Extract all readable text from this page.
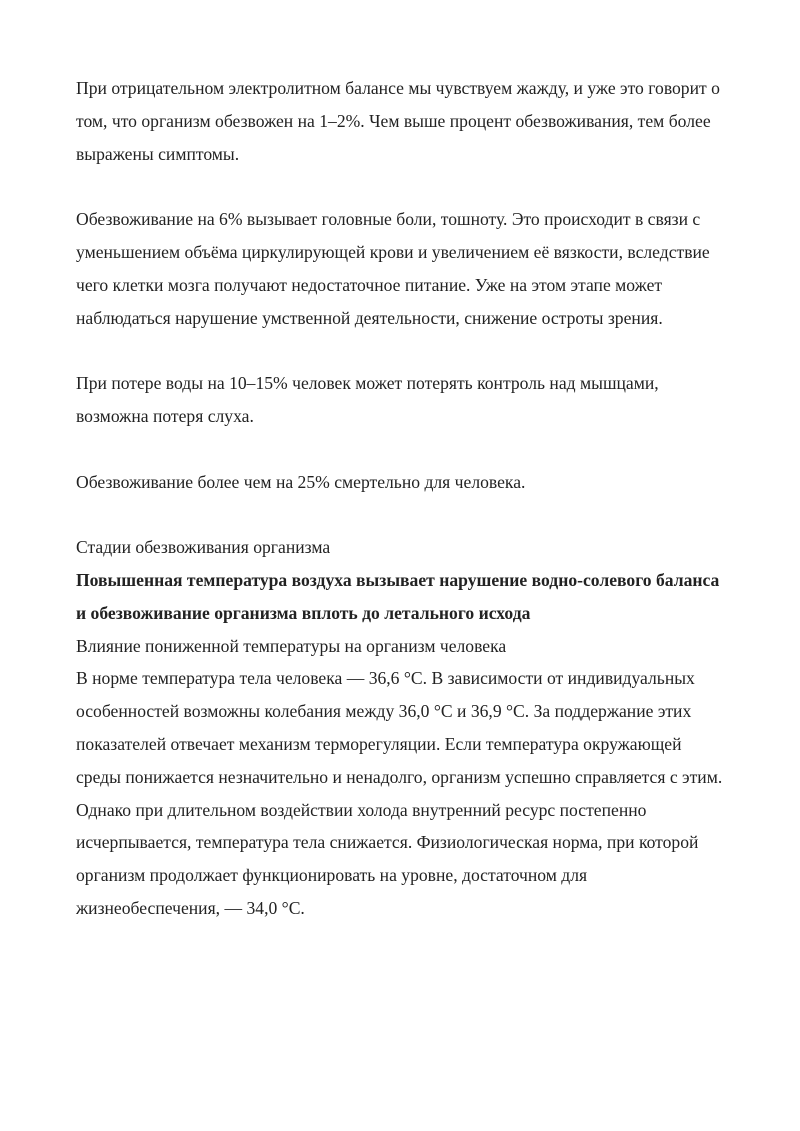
При отрицательном электролитном балансе мы чувствуем жажду, и уже это говорит о том, что организм обезвожен на 1–2%. Чем выше процент обезвоживания, тем более выражены симптомы.

Обезвоживание на 6% вызывает головные боли, тошноту. Это происходит в связи с уменьшением объёма циркулирующей крови и увеличением её вязкости, вследствие чего клетки мозга получают недостаточное питание. Уже на этом этапе может наблюдаться нарушение умственной деятельности, снижение остроты зрения.

При потере воды на 10–15% человек может потерять контроль над мышцами, возможна потеря слуха.

Обезвоживание более чем на 25% смертельно для человека.

Стадии обезвоживания организма

Повышенная температура воздуха вызывает нарушение водно-солевого баланса и обезвоживание организма вплоть до летального исхода

Влияние пониженной температуры на организм человека

В норме температура тела человека — 36,6 °C. В зависимости от индивидуальных особенностей возможны колебания между 36,0 °C и 36,9 °C. За поддержание этих показателей отвечает механизм терморегуляции. Если температура окружающей среды понижается незначительно и ненадолго, организм успешно справляется с этим.

Однако при длительном воздействии холода внутренний ресурс постепенно исчерпывается, температура тела снижается. Физиологическая норма, при которой организм продолжает функционировать на уровне, достаточном для жизнеобеспечения, — 34,0 °C.
